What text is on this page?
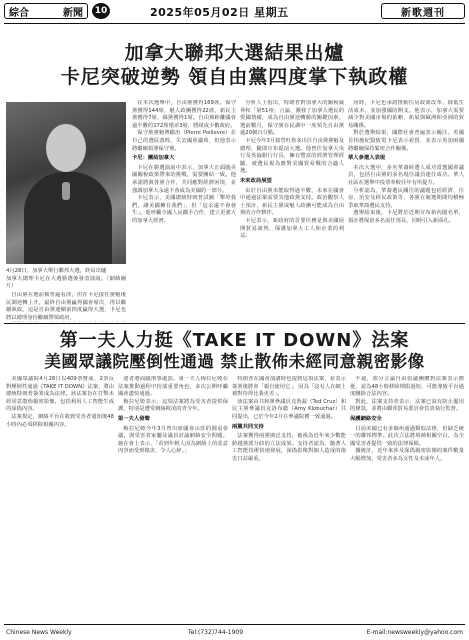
綜合	新聞	10	2025年05月02日 星期五	新歌週刊
加拿大聯邦大選結果出爐
卡尼突破逆勢 領自由黨四度掌下執政權

4月28日，加拿大舉行聯邦大選，終局出爐

加拿大總理卡尼在大選勝選後發表演說。（網絡圖片）

自由黨在選前被普遍看淡，但在卡尼接任黨魁後民調逆轉上升，最終自由黨贏得國會席次，得以繼續執政。這是自由黨連續第四度贏得大選，卡尼也將以總理身份繼續帶領政府。

在本次選舉中，自由黨獲得169席，保守黨獲得144席，魁人政團獲得22席，新民主黨獲得7席，綠黨獲得1席。自由黨距離國會過半數的172席僅差3席，將組成少數政府。

保守黨黨魁博勵治（Pierre Poilievre）在自己的選區落敗，失去國會議席，但他表示將繼續領導保守黨。

卡尼：團結加拿大

卡尼在勝選演說中表示，加拿大正面臨美國關稅政策帶來的挑戰，需要團結一致。他承諾將與各黨合作，共同應對經濟困境，並強調加拿大永遠不會成為美國的一部分。

卡尼表示，美國總統特朗普試圖「擊垮我們，讓美國擁有我們」，但「這永遠不會發生」。他呼籲全國人民攜手合作，建立更強大的加拿大經濟。

分析人士指出，特朗普對加拿大的關稅威脅和「第51州」言論，激發了加拿大選民的愛國情緒，成為自由黨逆轉勝的關鍵因素。選前數月，保守黨在民調中一度領先自由黨逾20個百分點。

卡尼今年3月接替杜魯多出任自由黨黨魁及總理，隨即宣布提前大選。他曾任加拿大央行及英倫銀行行長，擁有豐富的經濟管理經驗，被選民視為應對美國貿易戰的合適人選。

未來政局展望

由於自由黨未能取得過半數，未來在國會中通過法案需要其他政黨支持。政治觀察人士預計，新民主黨或魁人政團可能成為自由黨的合作夥伴。

卡尼表示，新政府的首要任務是與美國展開貿易談判，保護加拿大工人和企業的利益。

同時，卡尼也承諾推動住房政策改革、降低生活成本，並加強國防開支。他表示，加拿大需要減少對美國市場的依賴，拓展與歐洲和亞洲的貿易關係。

對於選舉結果，國際社會普遍表示關注。英國首相施紀賢致電卡尼表示祝賀，並表示英加兩國將繼續保持緊密合作關係。

華人參選人表現

本次大選中，多名華裔候選人成功當選國會議員，包括自由黨的多名現任議員連任成功。華人社區在選舉中投票率較往年有所提升。

分析認為，華裔選民關注的議題包括經濟、住房、治安及移民政策等，各黨在競選期間均積極爭取華裔選民支持。

選舉結束後，卡尼將於近期宣布新內閣名單，預計將保留多名前任部長，同時引入新面孔。

第一夫人力挺《TAKE IT DOWN》法案
美國眾議院壓倒性通過 禁止散佈未經同意親密影像

美國眾議院4月28日以409票贊成、2票反對壓倒性通過《TAKE IT DOWN》法案，將由總統特朗普簽署成為法律。該法案旨在打擊未經同意散佈親密影像，包括利用人工智能生成的深偽內容。

法案規定，網絡平台在收到受害者通知後48小時內必須移除相關內容。

違者將面臨刑事處罰。第一夫人梅拉尼婭在法案推動過程中扮演重要角色，多次公開呼籲國會盡快通過。

梅拉尼婭表示，這項法案將為受害者提供保護，特別是遭受網絡欺凌的青少年。

第一夫人發聲

梅拉尼婭今年3月曾出席國會山莊的圓桌會議，與受害者家屬及議員討論網絡安全問題。她在會上表示，「看到年輕人因為網絡上的惡意內容而受到傷害，令人心碎。」

特朗普在國會演講時也提到這項法案，並表示簽署後將會「親自使用它」，因為「沒有人在網上被對待得比我更差」。

該法案由共和黨參議員克魯茲（Ted Cruz）和民主黨參議員克洛布徹（Amy Klobuchar）共同提出，已於今年2月在參議院獲一致通過。

兩黨共同支持

法案獲得兩黨廣泛支持，被視為近年來少數能跨越黨派分歧的立法成果。支持者認為，隨著人工智能技術快速發展，深偽影像對個人造成的傷害日益嚴重。

不過，部分言論自由倡議團體對法案表示擔憂，認為48小時移除期限過短，可能導致平台過度刪除合法內容。

對此，法案支持者表示，法案已設有防止濫用的條款，並將由聯邦貿易委員會負責執行監督。

保護網絡安全

目前美國已有多個州通過類似法律，但缺乏統一的聯邦標準。此次立法將填補相關空白，為全國受害者提供一致的法律保障。

據統計，近年來涉及深偽親密影像的案件數量大幅增加，受害者多為女性及未成年人。

Chinese News Weekly	Tel:(732)744-1909	E-mail:newsweekly@yahoo.com
